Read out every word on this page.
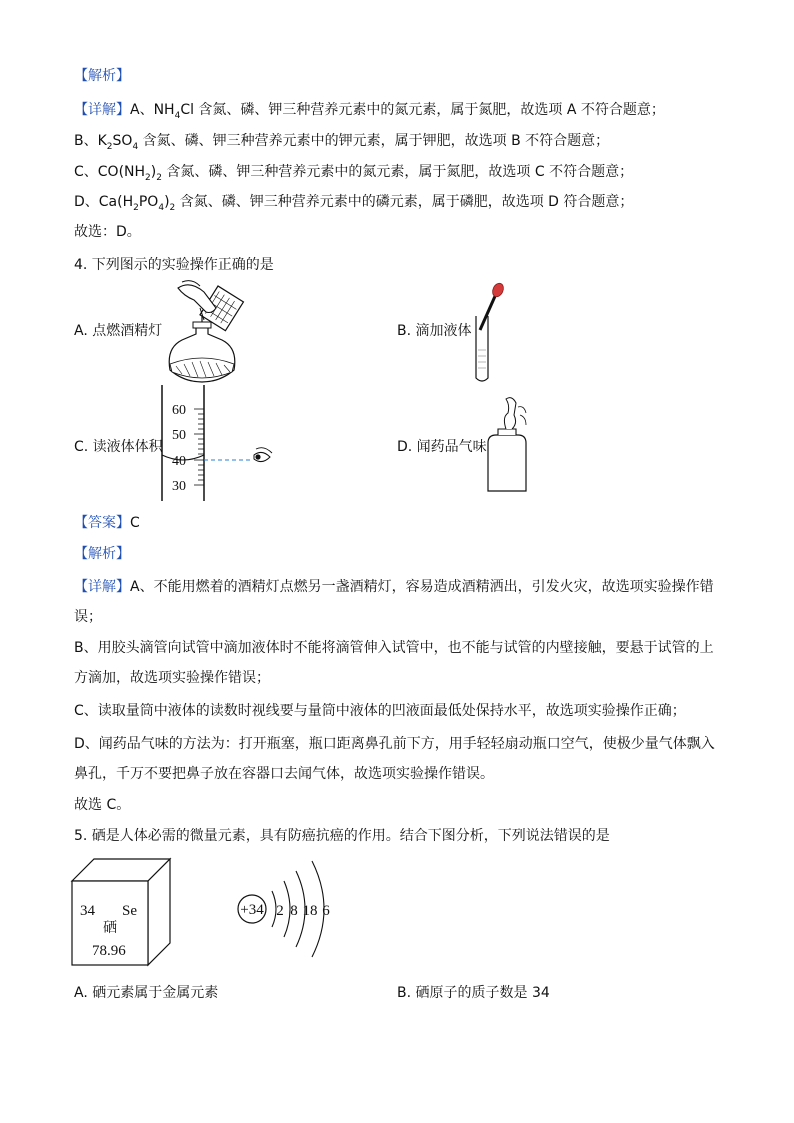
【解析】
【详解】A、$NH_4Cl$ 含氮、磷、钾三种营养元素中的氮元素，属于氮肥，故选项 A 不符合题意；
B、$K_2SO_4$ 含氮、磷、钾三种营养元素中的钾元素，属于钾肥，故选项 B 不符合题意；
C、$CO(NH_2)_2$ 含氮、磷、钾三种营养元素中的氮元素，属于氮肥，故选项 C 不符合题意；
D、$Ca(H_2PO_4)_2$ 含氮、磷、钾三种营养元素中的磷元素，属于磷肥，故选项 D 符合题意；
故选：D。
4. 下列图示的实验操作正确的是
A. 点燃酒精灯	B. 滴加液体
C. 读液体体积
60
50
40
30
D. 闻药品气味
【答案】C
【解析】
【详解】A、不能用燃着的酒精灯点燃另一盏酒精灯，容易造成酒精洒出，引发火灾，故选项实验操作错
误；
B、用胶头滴管向试管中滴加液体时不能将滴管伸入试管中，也不能与试管的内壁接触，要悬于试管的上
方滴加，故选项实验操作错误；
C、读取量筒中液体的读数时视线要与量筒中液体的凹液面最低处保持水平，故选项实验操作正确；
D、闻药品气味的方法为：打开瓶塞，瓶口距离鼻孔前下方，用手轻轻扇动瓶口空气，使极少量气体飘入
鼻孔，千万不要把鼻子放在容器口去闻气体，故选项实验操作错误。
故选 C。
5. 硒是人体必需的微量元素，具有防癌抗癌的作用。结合下图分析，下列说法错误的是
34 Se
硒
78.96
+34 2 8 18 6
A. 硒元素属于金属元素	B. 硒原子的质子数是 34
